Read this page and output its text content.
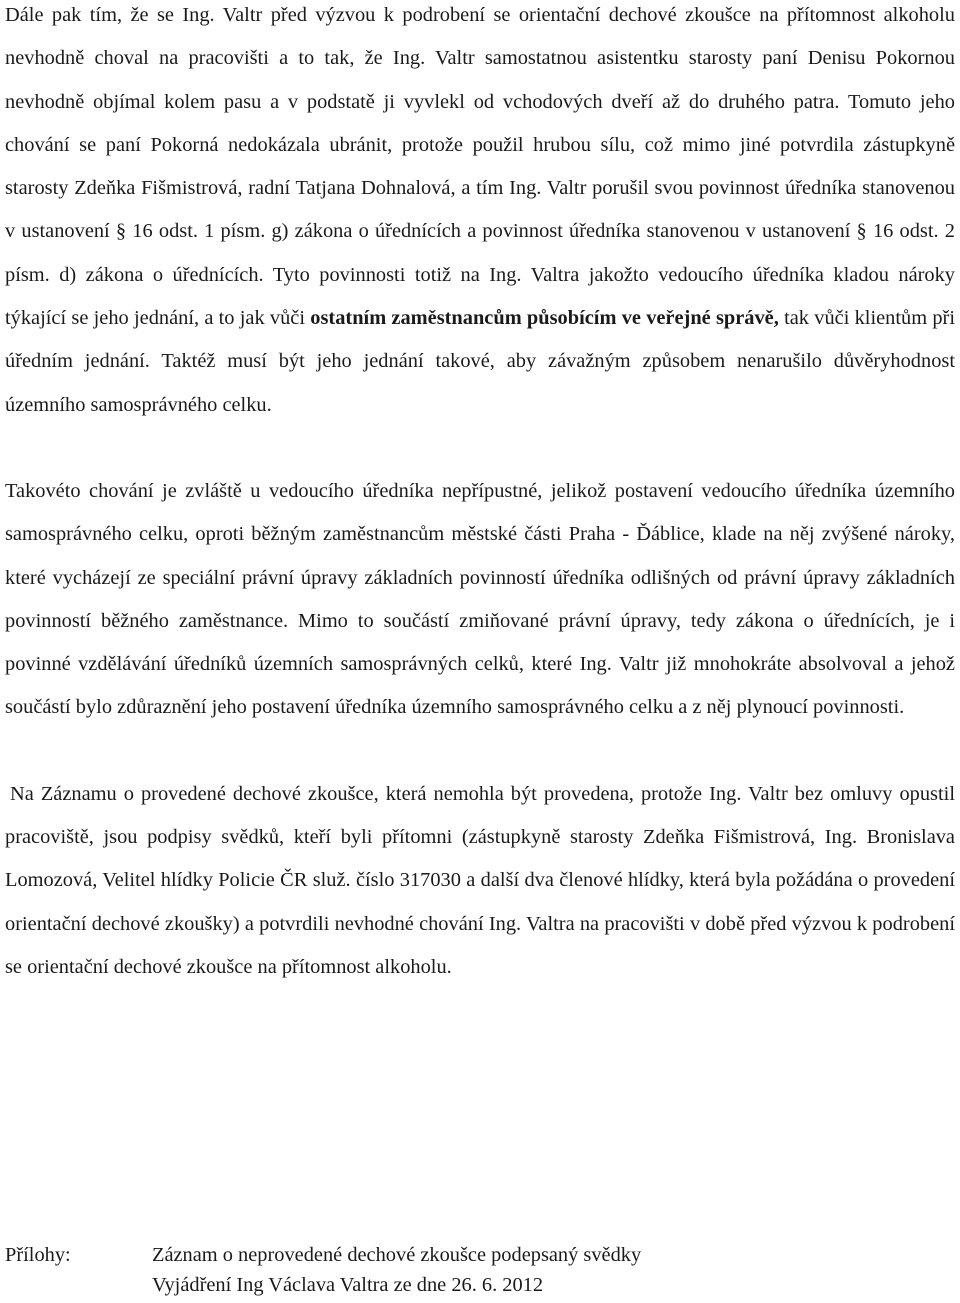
Dále pak tím, že se Ing. Valtr před výzvou k podrobení se orientační dechové zkoušce na přítomnost alkoholu nevhodně choval na pracovišti a to tak, že Ing. Valtr samostatnou asistentku starosty paní Denisu Pokornou nevhodně objímal kolem pasu a v podstatě ji vyvlekl od vchodových dveří až do druhého patra. Tomuto jeho chování se paní Pokorná nedokázala ubránit, protože použil hrubou sílu, což mimo jiné potvrdila zástupkyně starosty Zdeňka Fišmistrová, radní Tatjana Dohnalová, a tím Ing. Valtr porušil svou povinnost úředníka stanovenou v ustanovení § 16 odst. 1 písm. g) zákona o úřednících a povinnost úředníka stanovenou v ustanovení § 16 odst. 2 písm. d) zákona o úřednících. Tyto povinnosti totiž na Ing. Valtra jakožto vedoucího úředníka kladou nároky týkající se jeho jednání, a to jak vůči ostatním zaměstnancům působícím ve veřejné správě, tak vůči klientům při úředním jednání. Taktéž musí být jeho jednání takové, aby závažným způsobem nenarušilo důvěryhodnost územního samosprávného celku.

Takovéto chování je zvláště u vedoucího úředníka nepřípustné, jelikož postavení vedoucího úředníka územního samosprávného celku, oproti běžným zaměstnancům městské části Praha - Ďáblice, klade na něj zvýšené nároky, které vycházejí ze speciální právní úpravy základních povinností úředníka odlišných od právní úpravy základních povinností běžného zaměstnance. Mimo to součástí zmiňované právní úpravy, tedy zákona o úřednících, je i povinné vzdělávání úředníků územních samosprávných celků, které Ing. Valtr již mnohokráte absolvoval a jehož součástí bylo zdůraznění jeho postavení úředníka územního samosprávného celku a z něj plynoucí povinnosti.

Na Záznamu o provedené dechové zkoušce, která nemohla být provedena, protože Ing. Valtr bez omluvy opustil pracoviště, jsou podpisy svědků, kteří byli přítomni (zástupkyně starosty Zdeňka Fišmistrová, Ing. Bronislava Lomozová, Velitel hlídky Policie ČR služ. číslo 317030 a další dva členové hlídky, která byla požádána o provedení orientační dechové zkoušky) a potvrdili nevhodné chování Ing. Valtra na pracovišti v době před výzvou k podrobení se orientační dechové zkoušce na přítomnost alkoholu.

Přílohy:	Záznam o neprovedené dechové zkoušce podepsaný svědky
Vyjádření Ing Václava Valtra ze dne 26. 6. 2012
